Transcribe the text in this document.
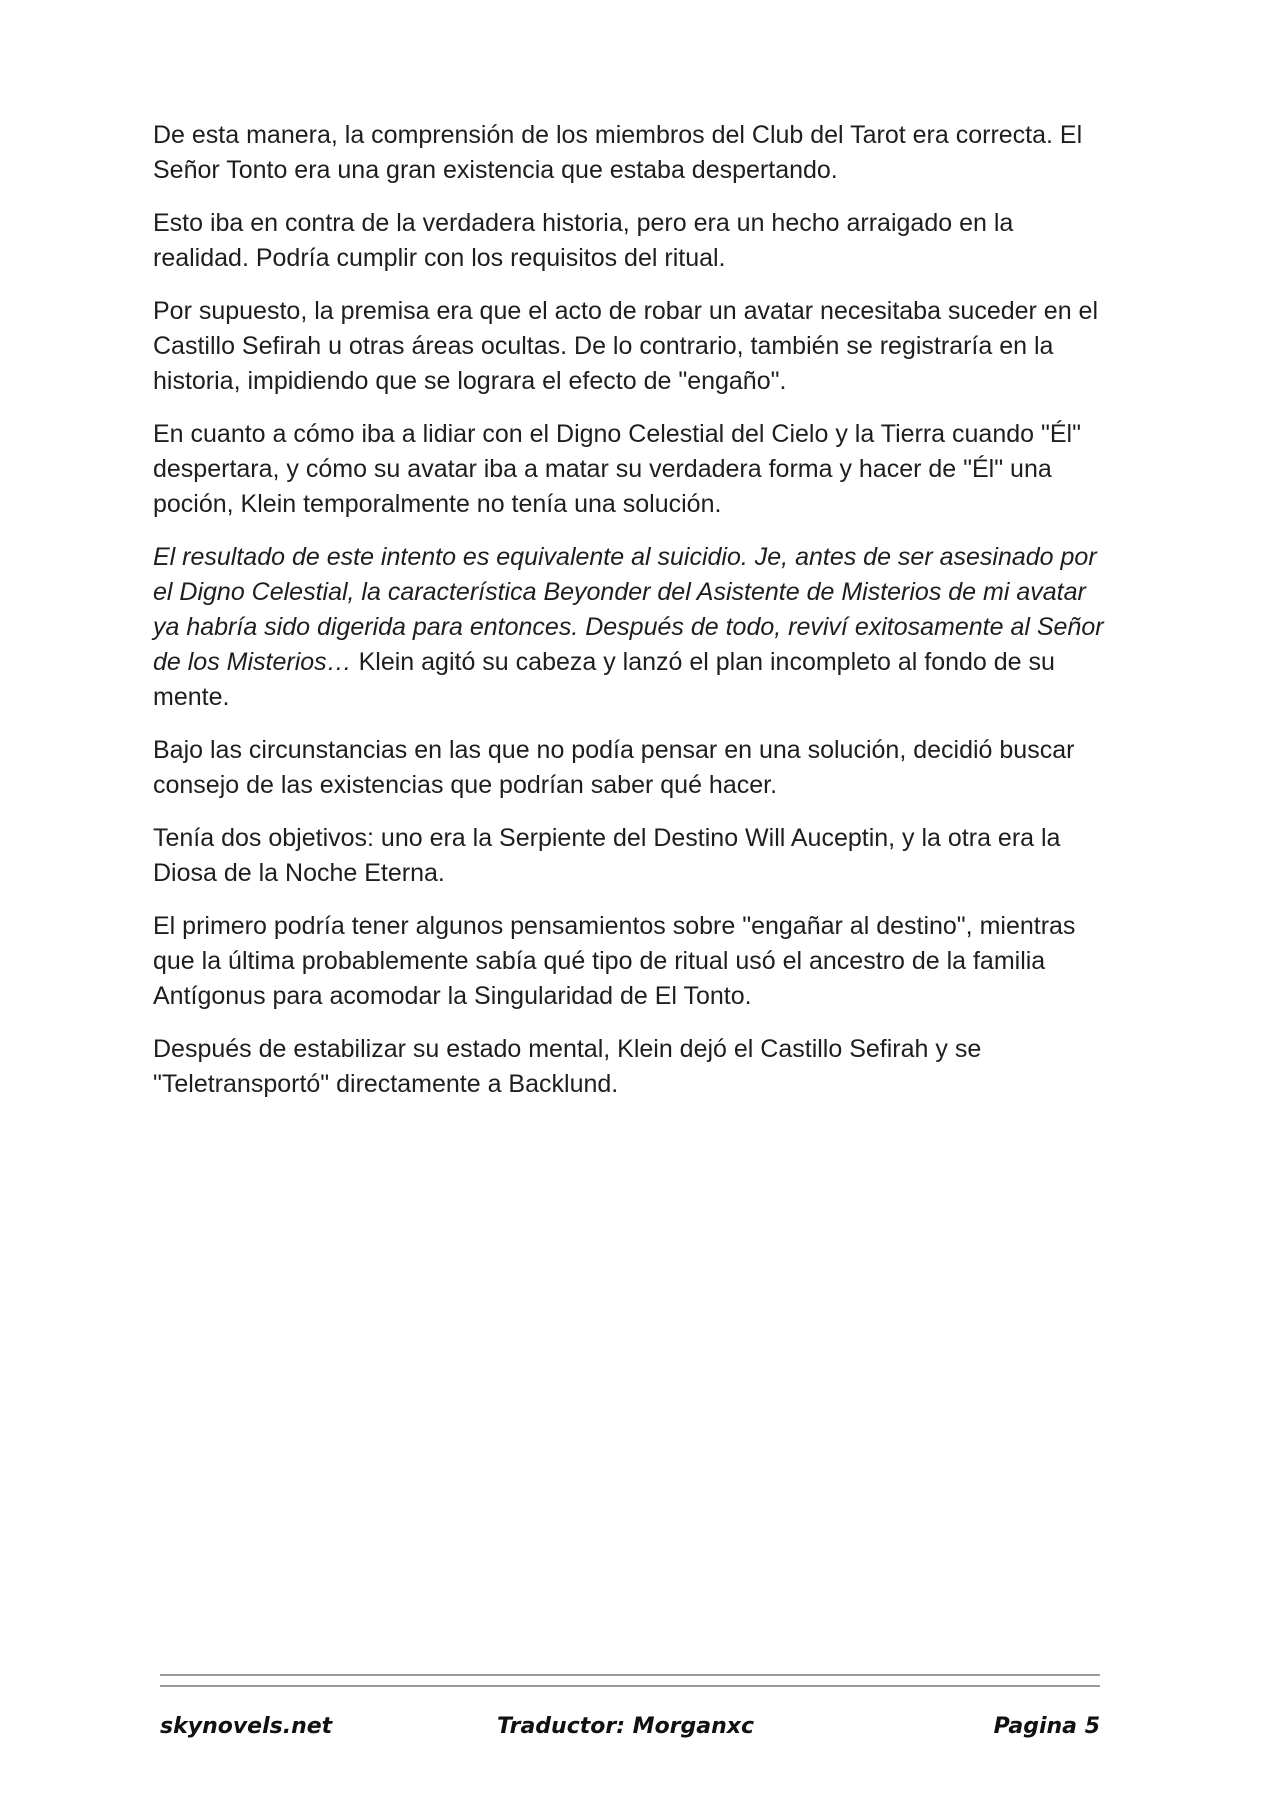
De esta manera, la comprensión de los miembros del Club del Tarot era correcta. El Señor Tonto era una gran existencia que estaba despertando.

Esto iba en contra de la verdadera historia, pero era un hecho arraigado en la realidad. Podría cumplir con los requisitos del ritual.

Por supuesto, la premisa era que el acto de robar un avatar necesitaba suceder en el Castillo Sefirah u otras áreas ocultas. De lo contrario, también se registraría en la historia, impidiendo que se lograra el efecto de "engaño".

En cuanto a cómo iba a lidiar con el Digno Celestial del Cielo y la Tierra cuando "Él" despertara, y cómo su avatar iba a matar su verdadera forma y hacer de "Él" una poción, Klein temporalmente no tenía una solución.

El resultado de este intento es equivalente al suicidio. Je, antes de ser asesinado por el Digno Celestial, la característica Beyonder del Asistente de Misterios de mi avatar ya habría sido digerida para entonces. Después de todo, reviví exitosamente al Señor de los Misterios… Klein agitó su cabeza y lanzó el plan incompleto al fondo de su mente.

Bajo las circunstancias en las que no podía pensar en una solución, decidió buscar consejo de las existencias que podrían saber qué hacer.

Tenía dos objetivos: uno era la Serpiente del Destino Will Auceptin, y la otra era la Diosa de la Noche Eterna.

El primero podría tener algunos pensamientos sobre "engañar al destino", mientras que la última probablemente sabía qué tipo de ritual usó el ancestro de la familia Antígonus para acomodar la Singularidad de El Tonto.

Después de estabilizar su estado mental, Klein dejó el Castillo Sefirah y se "Teletransportó" directamente a Backlund.

skynovels.net	Traductor: Morganxc	Pagina 5
